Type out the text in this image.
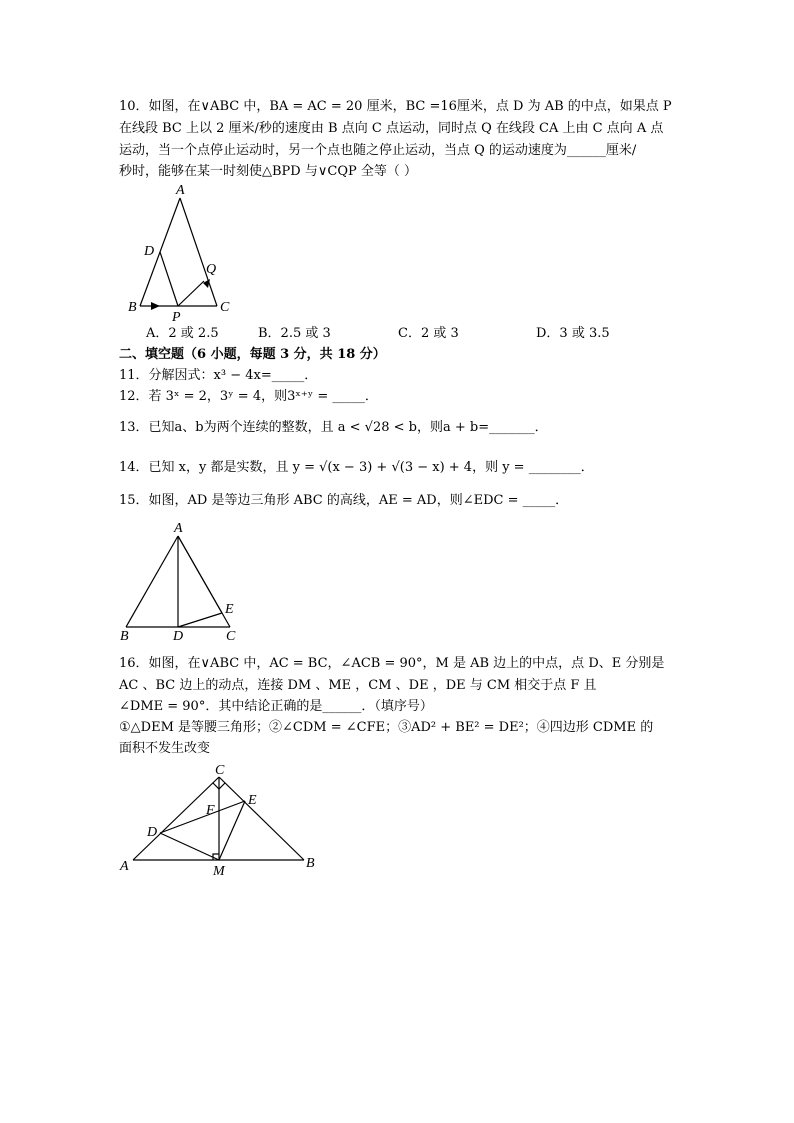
10．如图，在∨ABC 中，BA = AC = 20 厘米，BC =16厘米，点 D 为 AB 的中点，如果点 P
在线段 BC 上以 2 厘米/秒的速度由 B 点向 C 点运动，同时点 Q 在线段 CA 上由 C 点向 A 点
运动，当一个点停止运动时，另一个点也随之停止运动，当点 Q 的运动速度为______厘米/
秒时，能够在某一时刻使△BPD 与∨CQP 全等（ ）
A
D
Q
B	C
P
A．2 或 2.5	B．2.5 或 3	C．2 或 3	D．3 或 3.5
二、填空题（6 小题，每题 3 分，共 18 分）
11．分解因式：x³ − 4x=_____．
12．若 3ˣ = 2，3ʸ = 4，则3ˣ⁺ʸ = _____．
13．已知a、b为两个连续的整数，且 a < √28 < b，则a + b=_______．
14．已知 x，y 都是实数，且 y = √(x − 3) + √(3 − x) + 4，则 y = ________．
15．如图，AD 是等边三角形 ABC 的高线，AE = AD，则∠EDC = _____．
A
E
B	D	C
16．如图，在∨ABC 中，AC = BC，∠ACB = 90°，M 是 AB 边上的中点，点 D、E 分别是
AC 、BC 边上的动点，连接 DM 、ME ，CM 、DE ，DE 与 CM 相交于点 F 且
∠DME = 90°．其中结论正确的是______．（填序号）
①△DEM 是等腰三角形；②∠CDM = ∠CFE；③AD² + BE² = DE²；④四边形 CDME 的
面积不发生改变
C
E
F
D
A	M
B
